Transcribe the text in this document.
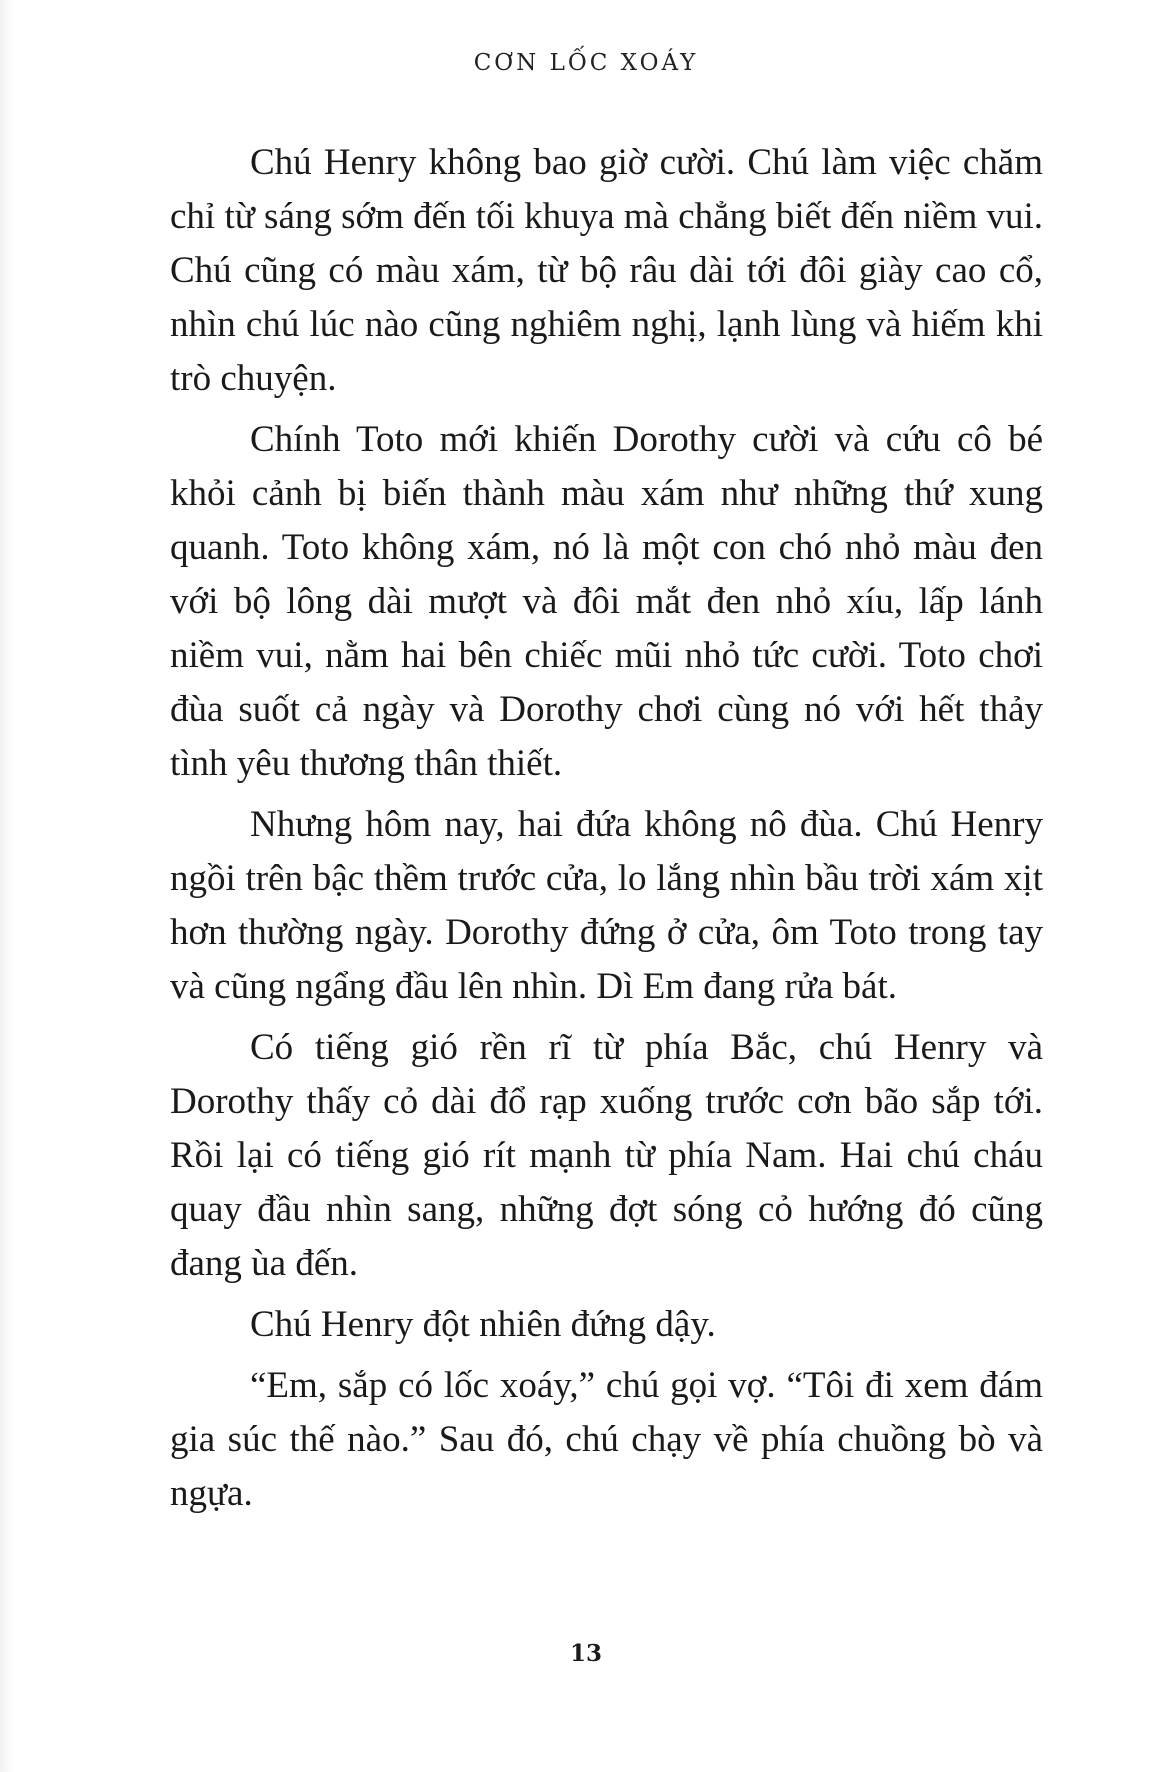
CƠN LỐC XOÁY

Chú Henry không bao giờ cười. Chú làm việc chăm chỉ từ sáng sớm đến tối khuya mà chẳng biết đến niềm vui. Chú cũng có màu xám, từ bộ râu dài tới đôi giày cao cổ, nhìn chú lúc nào cũng nghiêm nghị, lạnh lùng và hiếm khi trò chuyện.

Chính Toto mới khiến Dorothy cười và cứu cô bé khỏi cảnh bị biến thành màu xám như những thứ xung quanh. Toto không xám, nó là một con chó nhỏ màu đen với bộ lông dài mượt và đôi mắt đen nhỏ xíu, lấp lánh niềm vui, nằm hai bên chiếc mũi nhỏ tức cười. Toto chơi đùa suốt cả ngày và Dorothy chơi cùng nó với hết thảy tình yêu thương thân thiết.

Nhưng hôm nay, hai đứa không nô đùa. Chú Henry ngồi trên bậc thềm trước cửa, lo lắng nhìn bầu trời xám xịt hơn thường ngày. Dorothy đứng ở cửa, ôm Toto trong tay và cũng ngẩng đầu lên nhìn. Dì Em đang rửa bát.

Có tiếng gió rền rĩ từ phía Bắc, chú Henry và Dorothy thấy cỏ dài đổ rạp xuống trước cơn bão sắp tới. Rồi lại có tiếng gió rít mạnh từ phía Nam. Hai chú cháu quay đầu nhìn sang, những đợt sóng cỏ hướng đó cũng đang ùa đến.

Chú Henry đột nhiên đứng dậy.

“Em, sắp có lốc xoáy,” chú gọi vợ. “Tôi đi xem đám gia súc thế nào.” Sau đó, chú chạy về phía chuồng bò và ngựa.

13
